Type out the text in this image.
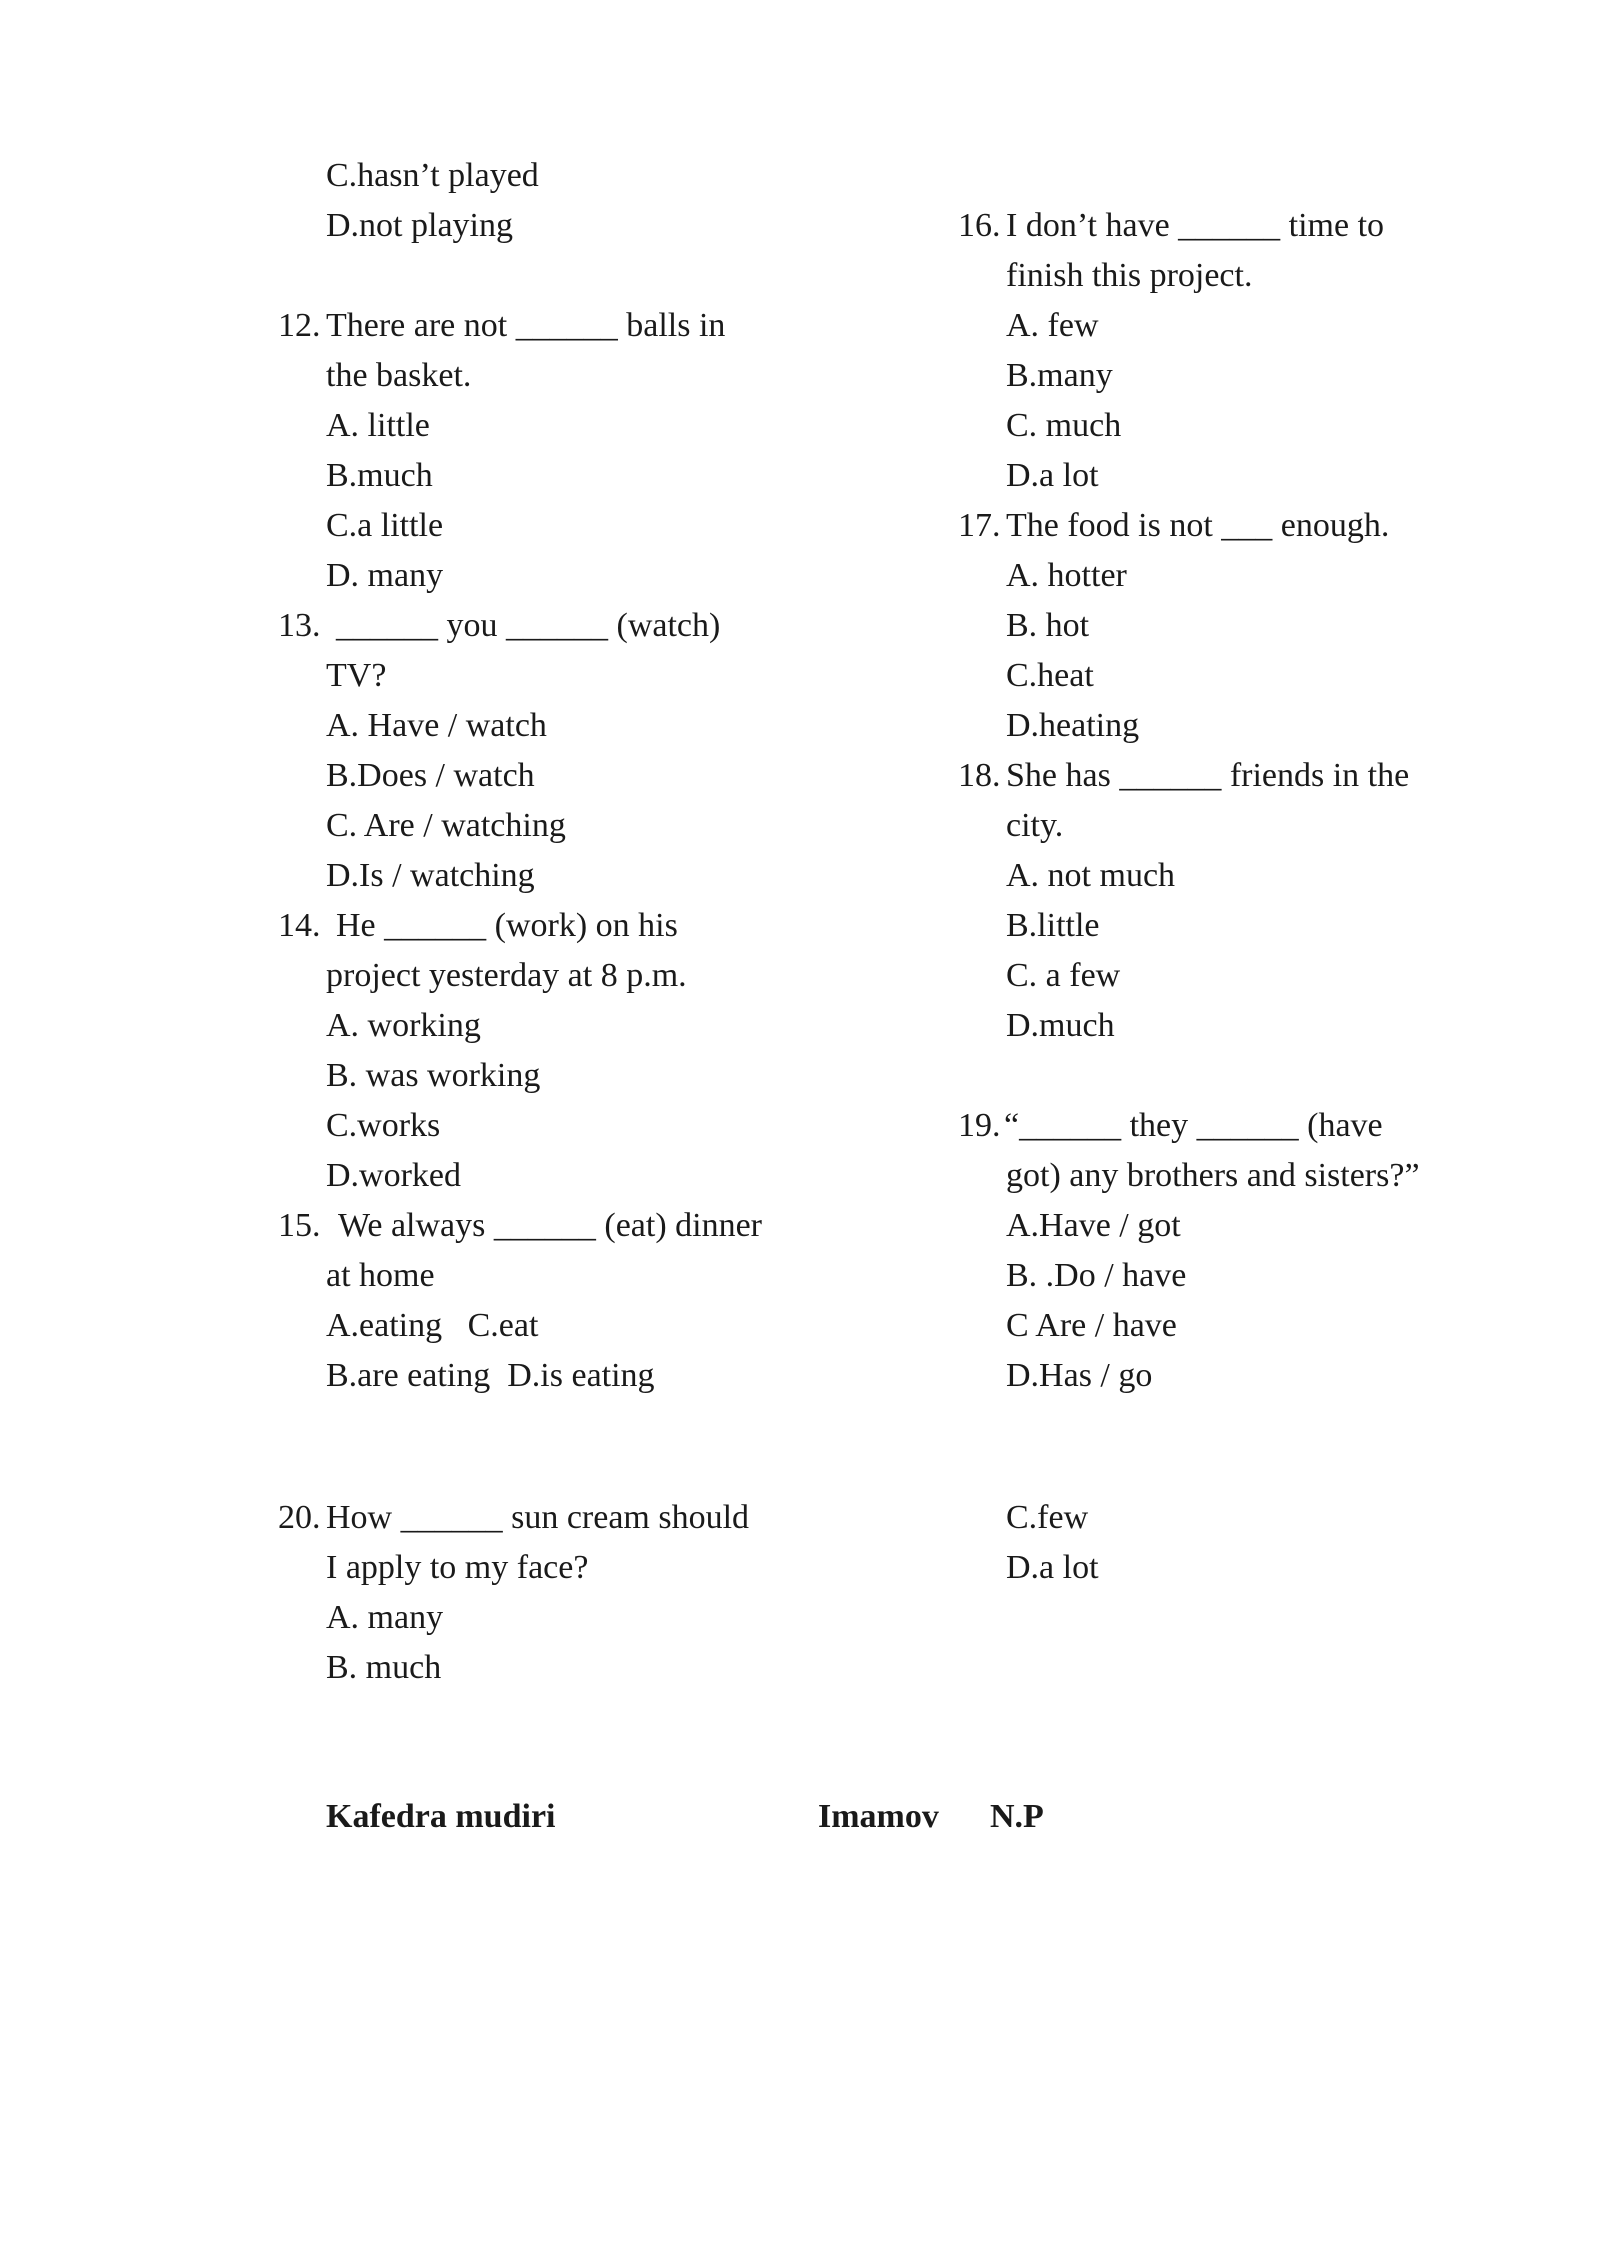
C.hasn’t played

D.not playing

12. There are not ______ balls in

the basket.

A. little

B.much

C.a little

D. many

13. ______ you ______ (watch)

TV?

A. Have / watch

B.Does / watch

C. Are / watching

D.Is / watching

14. He ______ (work) on his

project yesterday at 8 p.m.

A. working

B. was working

C.works

D.worked

15. We always ______ (eat) dinner

at home

A.eating   C.eat

B.are eating  D.is eating

20. How ______ sun cream should

I apply to my face?

A. many

B. much

16. I don’t have ______ time to

finish this project.

A. few

B.many

C. much

D.a lot

17. The food is not ___ enough.

A. hotter

B. hot

C.heat

D.heating

18. She has ______ friends in the

city.

A. not much

B.little

C. a few

D.much

19. “______ they ______ (have

got) any brothers and sisters?”

A.Have / got

B. .Do / have

C Are / have

D.Has / go

C.few

D.a lot

Kafedra mudiri	Imamov N.P
